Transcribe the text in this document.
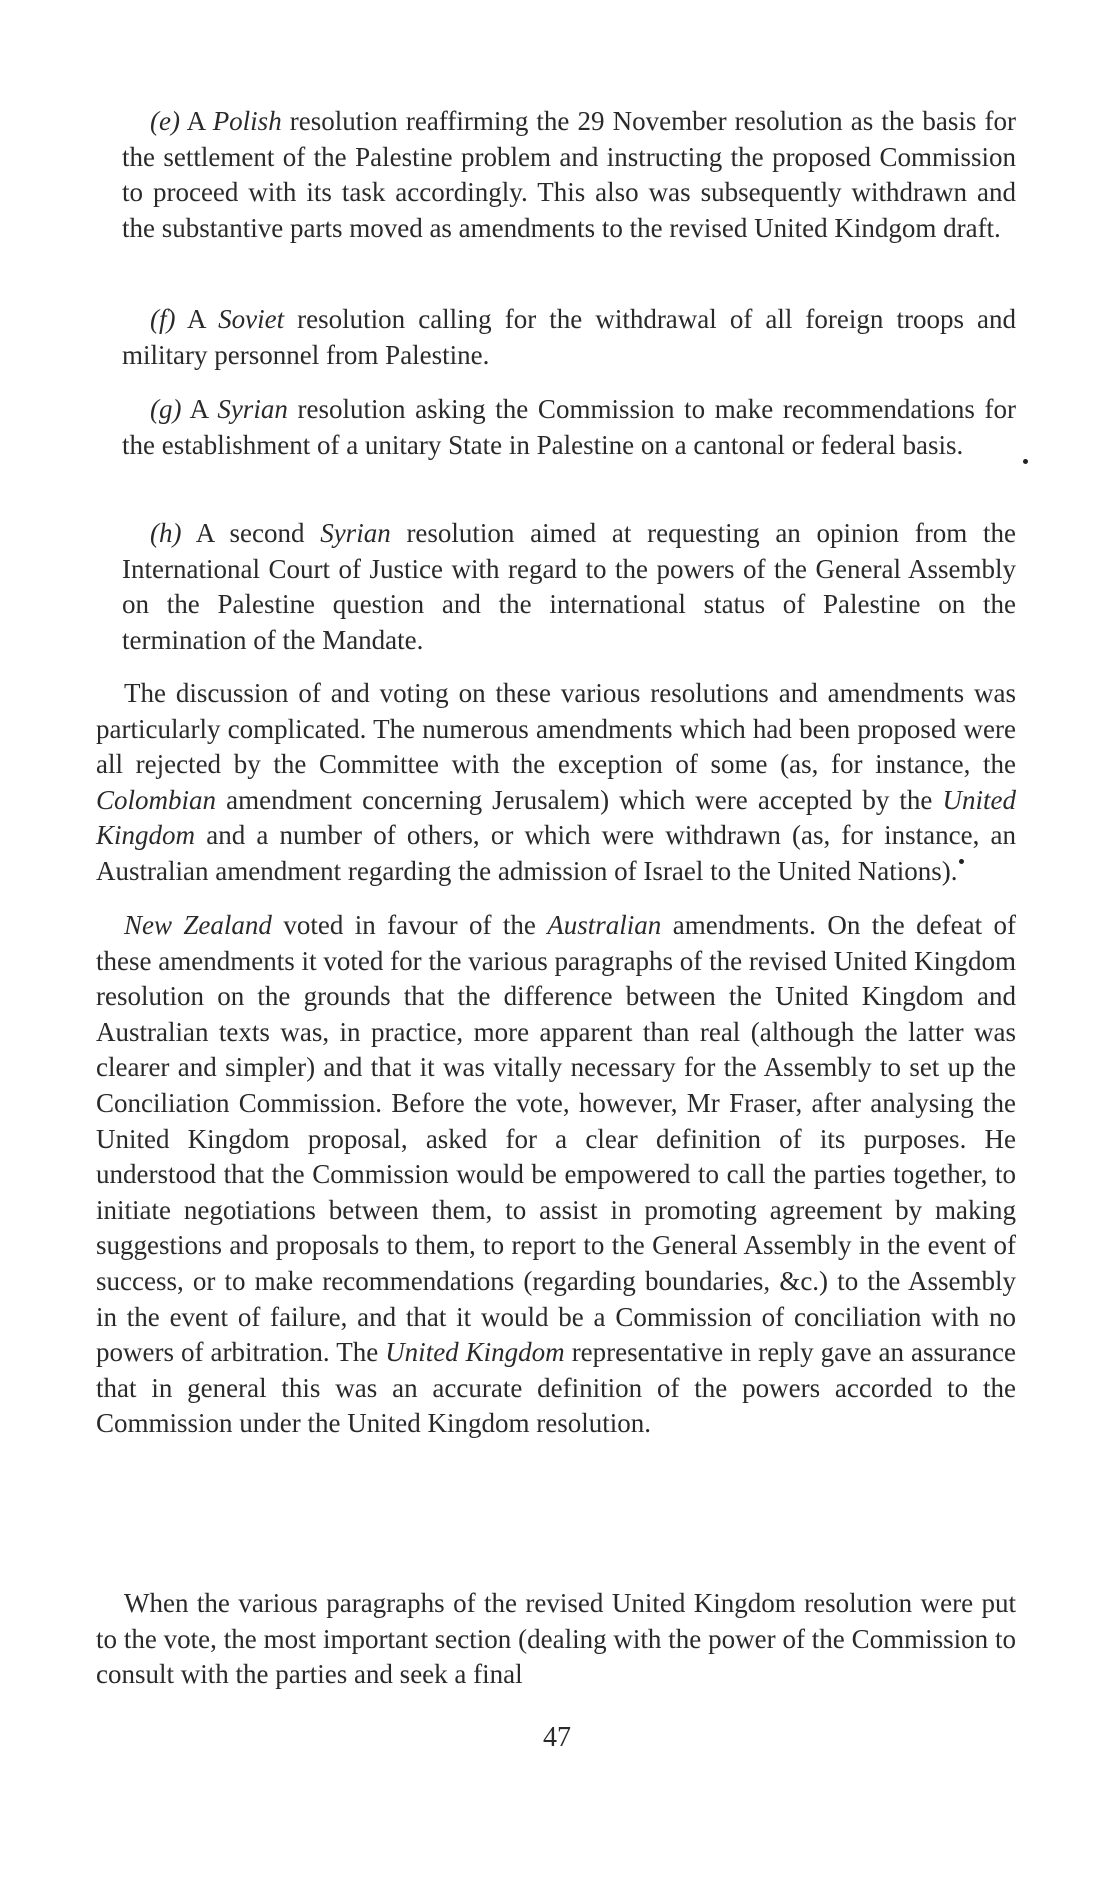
(e) A Polish resolution reaffirming the 29 November resolution as the basis for the settlement of the Palestine problem and instructing the proposed Commission to proceed with its task accordingly. This also was subsequently withdrawn and the substantive parts moved as amendments to the revised United Kindgom draft.

(f) A Soviet resolution calling for the withdrawal of all foreign troops and military personnel from Palestine.

(g) A Syrian resolution asking the Commission to make recommendations for the establishment of a unitary State in Palestine on a cantonal or federal basis.

(h) A second Syrian resolution aimed at requesting an opinion from the International Court of Justice with regard to the powers of the General Assembly on the Palestine question and the international status of Palestine on the termination of the Mandate.

The discussion of and voting on these various resolutions and amendments was particularly complicated. The numerous amendments which had been proposed were all rejected by the Committee with the exception of some (as, for instance, the Colombian amendment concerning Jerusalem) which were accepted by the United Kingdom and a number of others, or which were withdrawn (as, for instance, an Australian amendment regarding the admission of Israel to the United Nations).

New Zealand voted in favour of the Australian amendments. On the defeat of these amendments it voted for the various paragraphs of the revised United Kingdom resolution on the grounds that the difference between the United Kingdom and Australian texts was, in practice, more apparent than real (although the latter was clearer and simpler) and that it was vitally necessary for the Assembly to set up the Conciliation Commission. Before the vote, however, Mr Fraser, after analysing the United Kingdom proposal, asked for a clear definition of its purposes. He understood that the Commission would be empowered to call the parties together, to initiate negotiations between them, to assist in promoting agreement by making suggestions and proposals to them, to report to the General Assembly in the event of success, or to make recommendations (regarding boundaries, &c.) to the Assembly in the event of failure, and that it would be a Commission of conciliation with no powers of arbitration. The United Kingdom representative in reply gave an assurance that in general this was an accurate definition of the powers accorded to the Commission under the United Kingdom resolution.

When the various paragraphs of the revised United Kingdom resolution were put to the vote, the most important section (dealing with the power of the Commission to consult with the parties and seek a final

47
